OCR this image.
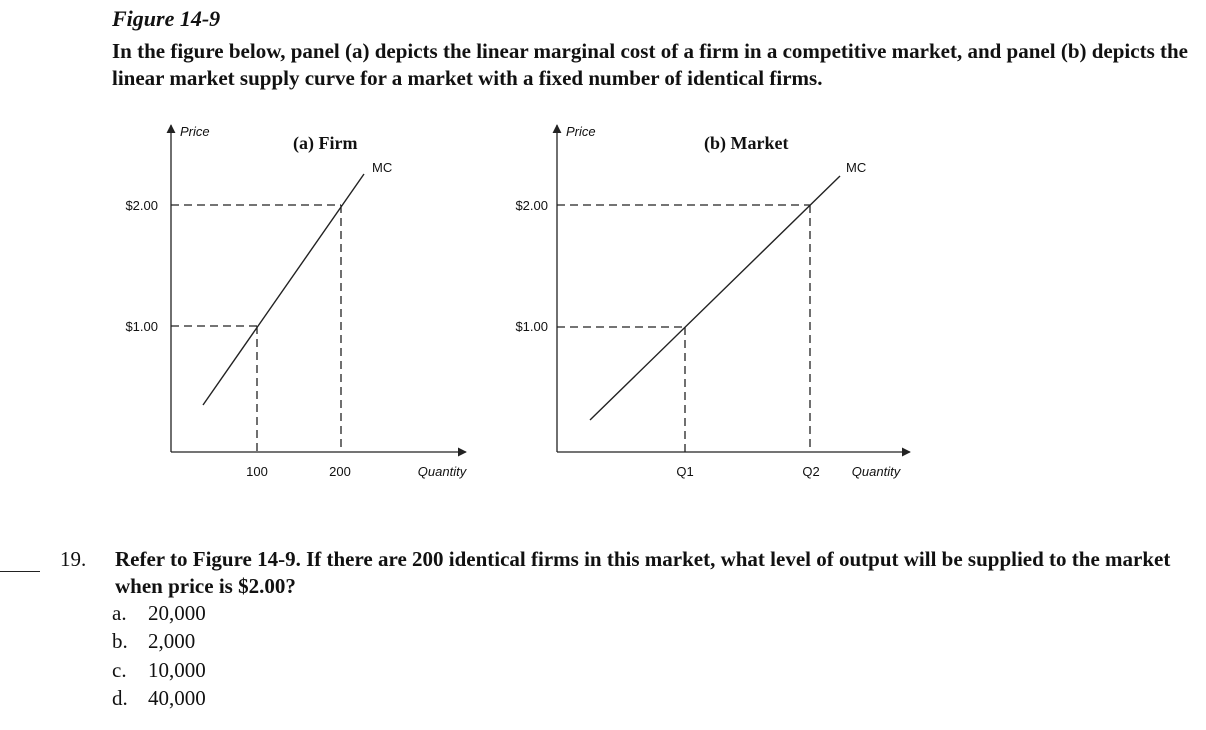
Figure 14-9
In the figure below, panel (a) depicts the linear marginal cost of a firm in a competitive market, and panel (b) depicts the linear market supply curve for a market with a fixed number of identical firms.
Price
(a) Firm
MC
$2.00
$1.00
100	200	Quantity
Price
(b) Market
MC
$2.00
$1.00
Q1	Q2 Quantity
19. Refer to Figure 14-9. If there are 200 identical firms in this market, what level of output will be supplied to the market when price is $2.00?
a. 20,000
b. 2,000
c. 10,000
d. 40,000
